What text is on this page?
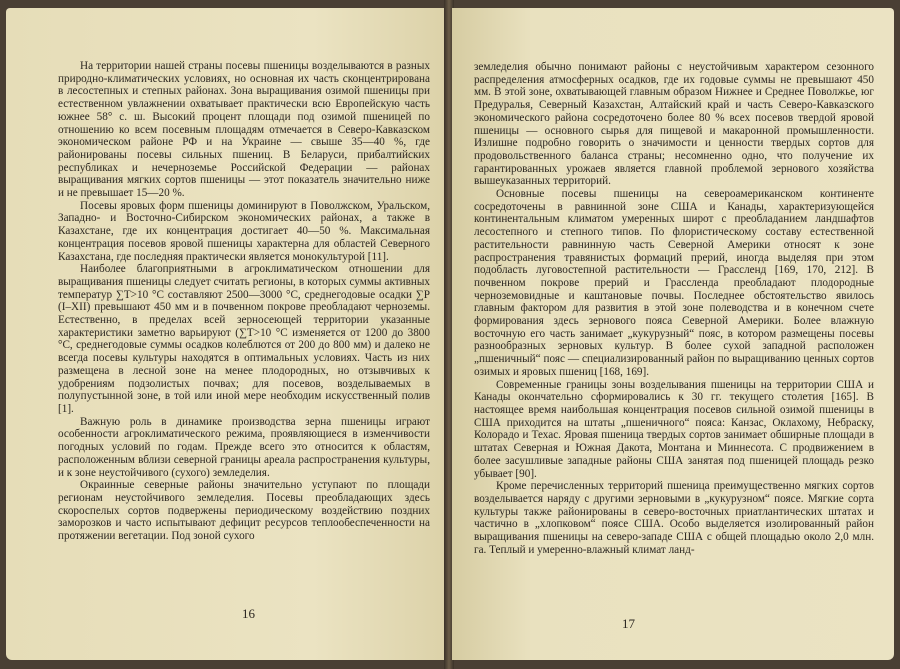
На территории нашей страны посевы пшеницы возделываются в разных природно-климатических условиях, но основная их часть сконцентрирована в лесостепных и степных районах. Зона выращивания озимой пшеницы при естественном увлажнении охватывает практически всю Европейскую часть южнее 58° с. ш. Высокий процент площади под озимой пшеницей по отношению ко всем посевным площадям отмечается в Северо-Кавказском экономическом районе РФ и на Украине — свыше 35—40 %, где районированы посевы сильных пшениц. В Беларуси, прибалтийских республиках и нечерноземье Российской Федерации — районах выращивания мягких сортов пшеницы — этот показатель значительно ниже и не превышает 15—20 %.

Посевы яровых форм пшеницы доминируют в Поволжском, Уральском, Западно- и Восточно-Сибирском экономических районах, а также в Казахстане, где их концентрация достигает 40—50 %. Максимальная концентрация посевов яровой пшеницы характерна для областей Северного Казахстана, где последняя практически является монокультурой [11].

Наиболее благоприятными в агроклиматическом отношении для выращивания пшеницы следует считать регионы, в которых суммы активных температур ∑T>10 °C составляют 2500—3000 °C, среднегодовые осадки ∑P (I–XII) превышают 450 мм и в почвенном покрове преобладают черноземы. Естественно, в пределах всей зерносеющей территории указанные характеристики заметно варьируют (∑T>10 °C изменяется от 1200 до 3800 °C, среднегодовые суммы осадков колеблются от 200 до 800 мм) и далеко не всегда посевы культуры находятся в оптимальных условиях. Часть из них размещена в лесной зоне на менее плодородных, но отзывчивых к удобрениям подзолистых почвах; для посевов, возделываемых в полупустынной зоне, в той или иной мере необходим искусственный полив [1].

Важную роль в динамике производства зерна пшеницы играют особенности агроклиматического режима, проявляющиеся в изменчивости погодных условий по годам. Прежде всего это относится к областям, расположенным вблизи северной границы ареала распространения культуры, и к зоне неустойчивого (сухого) земледелия.

Окраинные северные районы значительно уступают по площади регионам неустойчивого земледелия. Посевы преобладающих здесь скороспелых сортов подвержены периодическому воздействию поздних заморозков и часто испытывают дефицит ресурсов теплообеспеченности на протяжении вегетации. Под зоной сухого

16

земледелия обычно понимают районы с неустойчивым характером сезонного распределения атмосферных осадков, где их годовые суммы не превышают 450 мм. В этой зоне, охватывающей главным образом Нижнее и Среднее Поволжье, юг Предуралья, Северный Казахстан, Алтайский край и часть Северо-Кавказского экономического района сосредоточено более 80 % всех посевов твердой яровой пшеницы — основного сырья для пищевой и макаронной промышленности. Излишне подробно говорить о значимости и ценности твердых сортов для продовольственного баланса страны; несомненно одно, что получение их гарантированных урожаев является главной проблемой зернового хозяйства вышеуказанных территорий.

Основные посевы пшеницы на североамериканском континенте сосредоточены в равнинной зоне США и Канады, характеризующейся континентальным климатом умеренных широт с преобладанием ландшафтов лесостепного и степного типов. По флористическому составу естественной растительности равнинную часть Северной Америки относят к зоне распространения травянистых формаций прерий, иногда выделяя при этом подобласть луговостепной растительности — Грассленд [169, 170, 212]. В почвенном покрове прерий и Грассленда преобладают плодородные черноземовидные и каштановые почвы. Последнее обстоятельство явилось главным фактором для развития в этой зоне полеводства и в конечном счете формирования здесь зернового пояса Северной Америки. Более влажную восточную его часть занимает „кукурузный“ пояс, в котором размещены посевы разнообразных зерновых культур. В более сухой западной расположен „пшеничный“ пояс — специализированный район по выращиванию ценных сортов озимых и яровых пшениц [168, 169].

Современные границы зоны возделывания пшеницы на территории США и Канады окончательно сформировались к 30 гг. текущего столетия [165]. В настоящее время наибольшая концентрация посевов сильной озимой пшеницы в США приходится на штаты „пшеничного“ пояса: Канзас, Оклахому, Небраску, Колорадо и Техас. Яровая пшеница твердых сортов занимает обширные площади в штатах Северная и Южная Дакота, Монтана и Миннесота. С продвижением в более засушливые западные районы США занятая под пшеницей площадь резко убывает [90].

Кроме перечисленных территорий пшеница преимущественно мягких сортов возделывается наряду с другими зерновыми в „кукурузном“ поясе. Мягкие сорта культуры также районированы в северо-восточных приатлантических штатах и частично в „хлопковом“ поясе США. Особо выделяется изолированный район выращивания пшеницы на северо-западе США с общей площадью около 2,0 млн. га. Теплый и умеренно-влажный климат ланд-

17
